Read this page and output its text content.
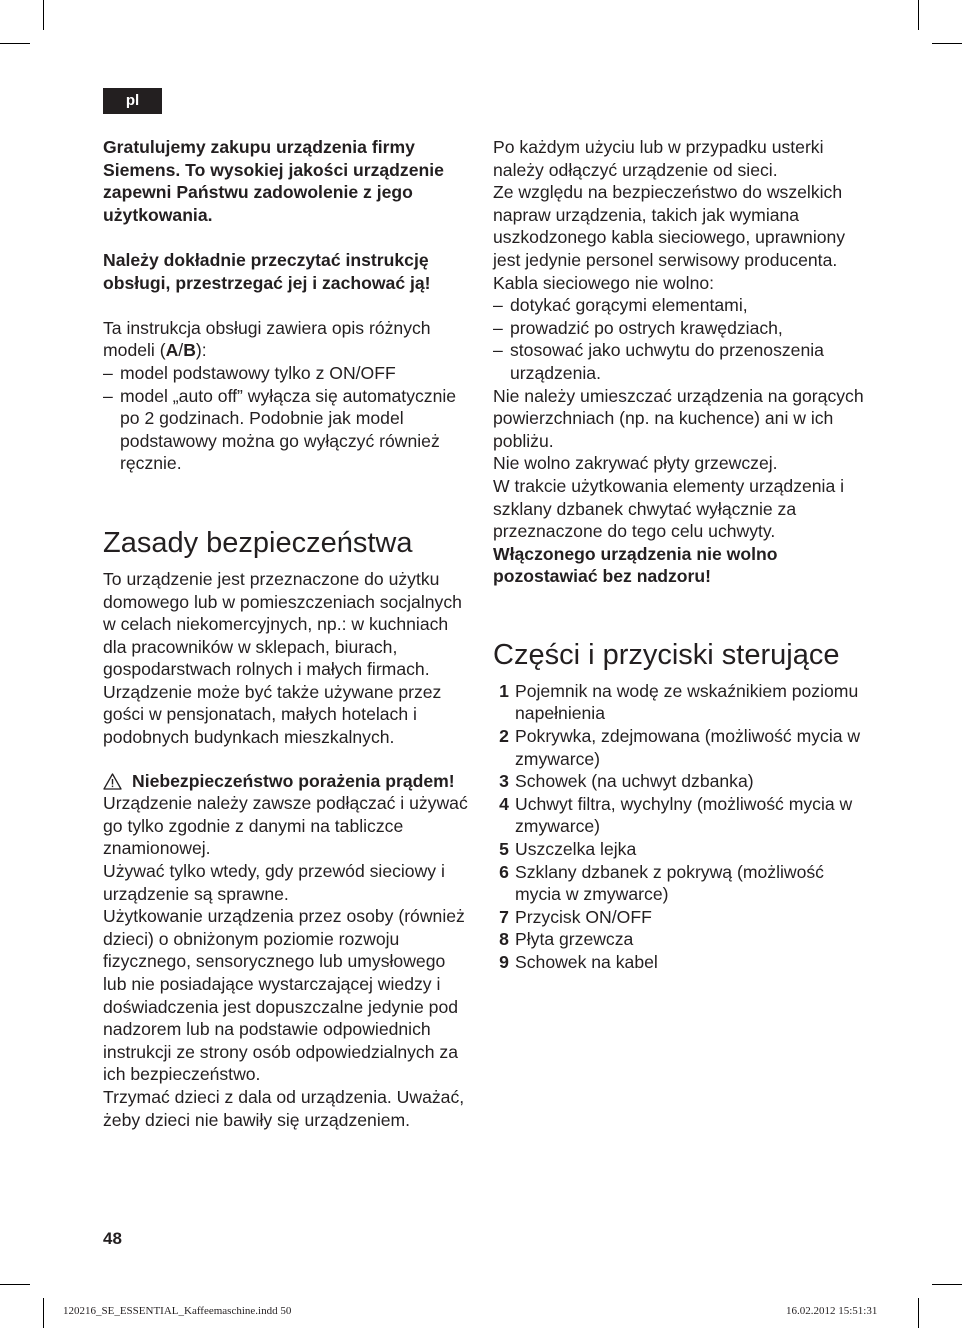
pl

Gratulujemy zakupu urządzenia firmy Siemens. To wysokiej jakości urządzenie zapewni Państwu zadowolenie z jego użytkowania.

Należy dokładnie przeczytać instrukcję obsługi, przestrzegać jej i zachować ją!

Ta instrukcja obsługi zawiera opis różnych modeli (A/B):

– model podstawowy tylko z ON/OFF
– model „auto off” wyłącza się automatycznie po 2 godzinach. Podobnie jak model podstawowy można go wyłączyć również ręcznie.
Zasady bezpieczeństwa

To urządzenie jest przeznaczone do użytku domowego lub w pomieszczeniach socjalnych w celach niekomercyjnych, np.: w kuchniach dla pracowników w sklepach, biurach, gospodarstwach rolnych i małych firmach. Urządzenie może być także używane przez gości w pensjonatach, małych hotelach i podobnych budynkach mieszkalnych.

Niebezpieczeństwo porażenia prądem!

Urządzenie należy zawsze podłączać i używać go tylko zgodnie z danymi na tabliczce znamionowej.

Używać tylko wtedy, gdy przewód sieciowy i urządzenie są sprawne.

Użytkowanie urządzenia przez osoby (również dzieci) o obniżonym poziomie rozwoju fizycznego, sensorycznego lub umysłowego lub nie posiadające wystarczającej wiedzy i doświadczenia jest dopuszczalne jedynie pod nadzorem lub na podstawie odpowiednich instrukcji ze strony osób odpowiedzialnych za ich bezpieczeństwo.

Trzymać dzieci z dala od urządzenia. Uważać, żeby dzieci nie bawiły się urządzeniem.

Po każdym użyciu lub w przypadku usterki należy odłączyć urządzenie od sieci.

Ze względu na bezpieczeństwo do wszelkich napraw urządzenia, takich jak wymiana uszkodzonego kabla sieciowego, uprawniony jest jedynie personel serwisowy producenta.

Kabla sieciowego nie wolno:

– dotykać gorącymi elementami,
– prowadzić po ostrych krawędziach,
– stosować jako uchwytu do przenoszenia urządzenia.

Nie należy umieszczać urządzenia na gorących powierzchniach (np. na kuchence) ani w ich pobliżu.

Nie wolno zakrywać płyty grzewczej.

W trakcie użytkowania elementy urządzenia i szklany dzbanek chwytać wyłącznie za przeznaczone do tego celu uchwyty.

Włączonego urządzenia nie wolno pozostawiać bez nadzoru!

Części i przyciski sterujące
1 Pojemnik na wodę ze wskaźnikiem poziomu napełnienia
2 Pokrywka, zdejmowana (możliwość mycia w zmywarce)
3 Schowek (na uchwyt dzbanka)
4 Uchwyt filtra, wychylny (możliwość mycia w zmywarce)
5 Uszczelka lejka
6 Szklany dzbanek z pokrywą (możliwość mycia w zmywarce)
7 Przycisk ON/OFF
8 Płyta grzewcza
9 Schowek na kabel
48
120216_SE_ESSENTIAL_Kaffeemaschine.indd 50	16.02.2012 15:51:31
